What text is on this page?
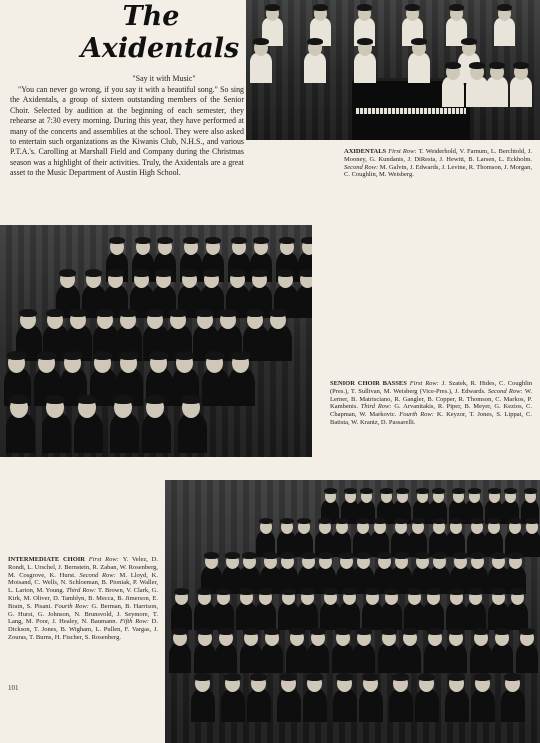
The
Axidentals
"Say it with Music"
"You can never go wrong, if you say it with a beautiful song." So sing the Axidentals, a group of sixteen outstanding members of the Senior Choir. Selected by audition at the beginning of each semester, they rehearse at 7:30 every morning. During this year, they have performed at many of the concerts and assemblies at the school. They were also asked to entertain such organizations as the Kiwanis Club, N.H.S., and various P.T.A.'s. Carolling at Marshall Field and Company during the Christmas season was a highlight of their activities. Truly, the Axidentals are a great asset to the Music Department of Austin High School.
AXIDENTALS First Row: T. Weiderhold, V. Farnum, L. Berchtold, J. Mooney, G. Kundanis, J. DiResta, J. Hewitt, B. Larsen, L. Eckholm. Second Row: M. Galvin, J. Edwards, J. Levine, R. Thomson, J. Morgan, C. Coughlin, M. Weisberg.
SENIOR CHOIR BASSES First Row: J. Szatek, R. Hides, C. Coughlin (Pres.), T. Sullivan, M. Weisberg (Vice-Pres.), J. Edwards. Second Row: W. Lerner, B. Matrisciano, R. Gangler, B. Copper, R. Thomson, C. Markos, P. Kambenis. Third Row: G. Arvanitakis, R. Piper, B. Meyer, G. Kezios, C. Chapman, W. Markovic. Fourth Row: K. Keyzor, T. Jones, S. Lippai, C. Batista, W. Krantz, D. Passarelli.
INTERMEDIATE CHOIR First Row: Y. Velez, D. Rondi, L. Urschel, J. Bernstein, R. Zaban, W. Rosenberg, M. Cosgrove, K. Hurst. Second Row: M. Lloyd, K. Moisand, C. Wells, N. Schloeman, B. Pioniak, P. Waller, L. Larion, M. Young. Third Row: T. Brown, V. Clark, G. Kirk, M. Oliver, D. Tamblyn, B. Mecca, B. Jimerson, E. Brain, S. Pisani. Fourth Row: G. Berman, B. Harrison, G. Hurst, G. Johnson, N. Brunsvold, J. Seymore, T. Lang, M. Poor, J. Healey, N. Baumann. Fifth Row: D. Dickson, T. Jones, B. Wigham, L. Pullen, F. Vargas, J. Zouras, T. Burns, H. Fischer, S. Rosenberg.
101
